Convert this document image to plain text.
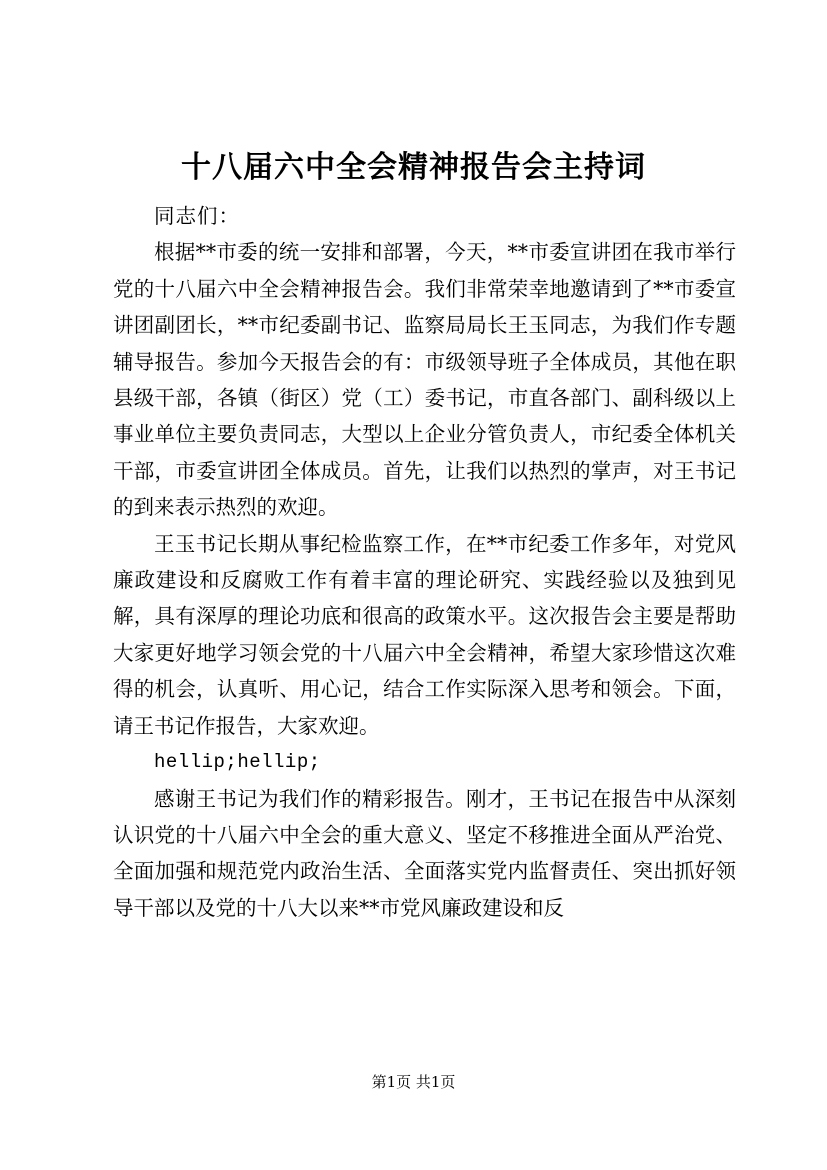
十八届六中全会精神报告会主持词

同志们：

根据**市委的统一安排和部署，今天，**市委宣讲团在我市举行党的十八届六中全会精神报告会。我们非常荣幸地邀请到了**市委宣讲团副团长，**市纪委副书记、监察局局长王玉同志，为我们作专题辅导报告。参加今天报告会的有：市级领导班子全体成员，其他在职县级干部，各镇（街区）党（工）委书记，市直各部门、副科级以上事业单位主要负责同志，大型以上企业分管负责人，市纪委全体机关干部，市委宣讲团全体成员。首先，让我们以热烈的掌声，对王书记的到来表示热烈的欢迎。

王玉书记长期从事纪检监察工作，在**市纪委工作多年，对党风廉政建设和反腐败工作有着丰富的理论研究、实践经验以及独到见解，具有深厚的理论功底和很高的政策水平。这次报告会主要是帮助大家更好地学习领会党的十八届六中全会精神，希望大家珍惜这次难得的机会，认真听、用心记，结合工作实际深入思考和领会。下面，请王书记作报告，大家欢迎。

hellip;hellip;

感谢王书记为我们作的精彩报告。刚才，王书记在报告中从深刻认识党的十八届六中全会的重大意义、坚定不移推进全面从严治党、全面加强和规范党内政治生活、全面落实党内监督责任、突出抓好领导干部以及党的十八大以来**市党风廉政建设和反

第1页 共1页
